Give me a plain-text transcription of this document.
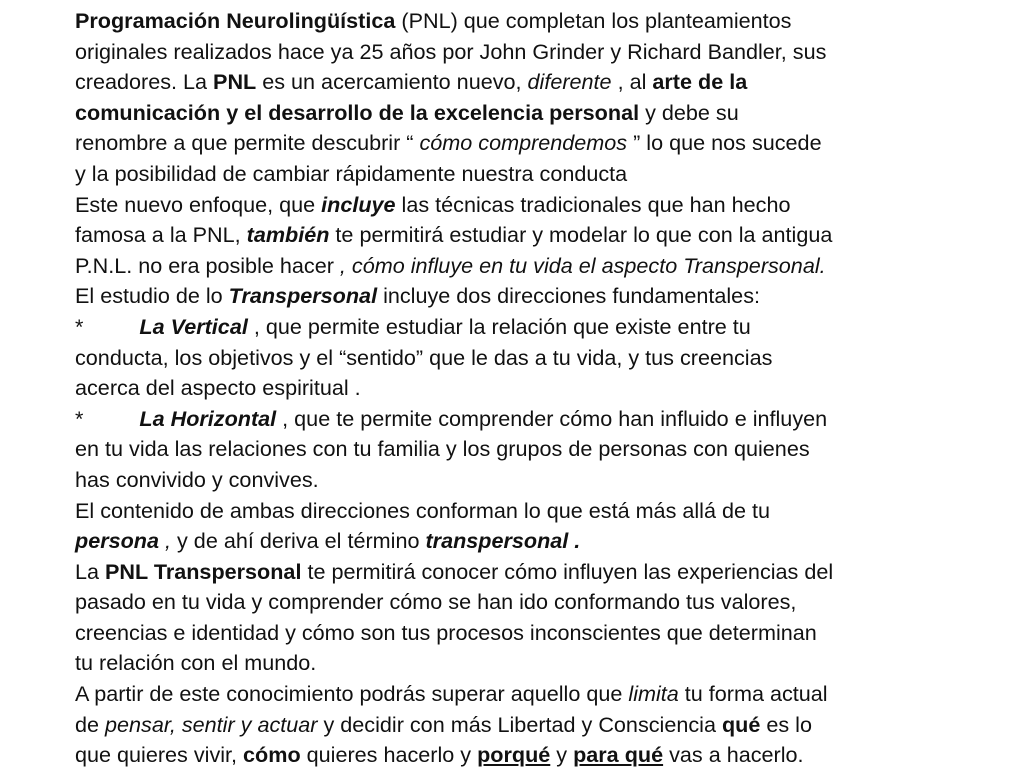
Programación Neurolingüística (PNL) que completan los planteamientos
originales realizados hace ya 25 años por John Grinder y Richard Bandler, sus
creadores. La PNL es un acercamiento nuevo, diferente , al arte de la
comunicación y el desarrollo de la excelencia personal y debe su
renombre a que permite descubrir “ cómo comprendemos ” lo que nos sucede
y la posibilidad de cambiar rápidamente nuestra conducta
Este nuevo enfoque, que incluye las técnicas tradicionales que han hecho
famosa a la PNL, también te permitirá estudiar y modelar lo que con la antigua
P.N.L. no era posible hacer , cómo influye en tu vida el aspecto Transpersonal.
El estudio de lo Transpersonal incluye dos direcciones fundamentales:
*	La Vertical , que permite estudiar la relación que existe entre tu
conducta, los objetivos y el “sentido” que le das a tu vida, y tus creencias
acerca del aspecto espiritual .
*	La Horizontal , que te permite comprender cómo han influido e influyen
en tu vida las relaciones con tu familia y los grupos de personas con quienes
has convivido y convives.
El contenido de ambas direcciones conforman lo que está más allá de tu
persona , y de ahí deriva el término transpersonal .
La PNL Transpersonal te permitirá conocer cómo influyen las experiencias del
pasado en tu vida y comprender cómo se han ido conformando tus valores,
creencias e identidad y cómo son tus procesos inconscientes que determinan
tu relación con el mundo.
A partir de este conocimiento podrás superar aquello que limita tu forma actual
de pensar, sentir y actuar y decidir con más Libertad y Consciencia qué es lo
que quieres vivir, cómo quieres hacerlo y porqué y para qué vas a hacerlo.
